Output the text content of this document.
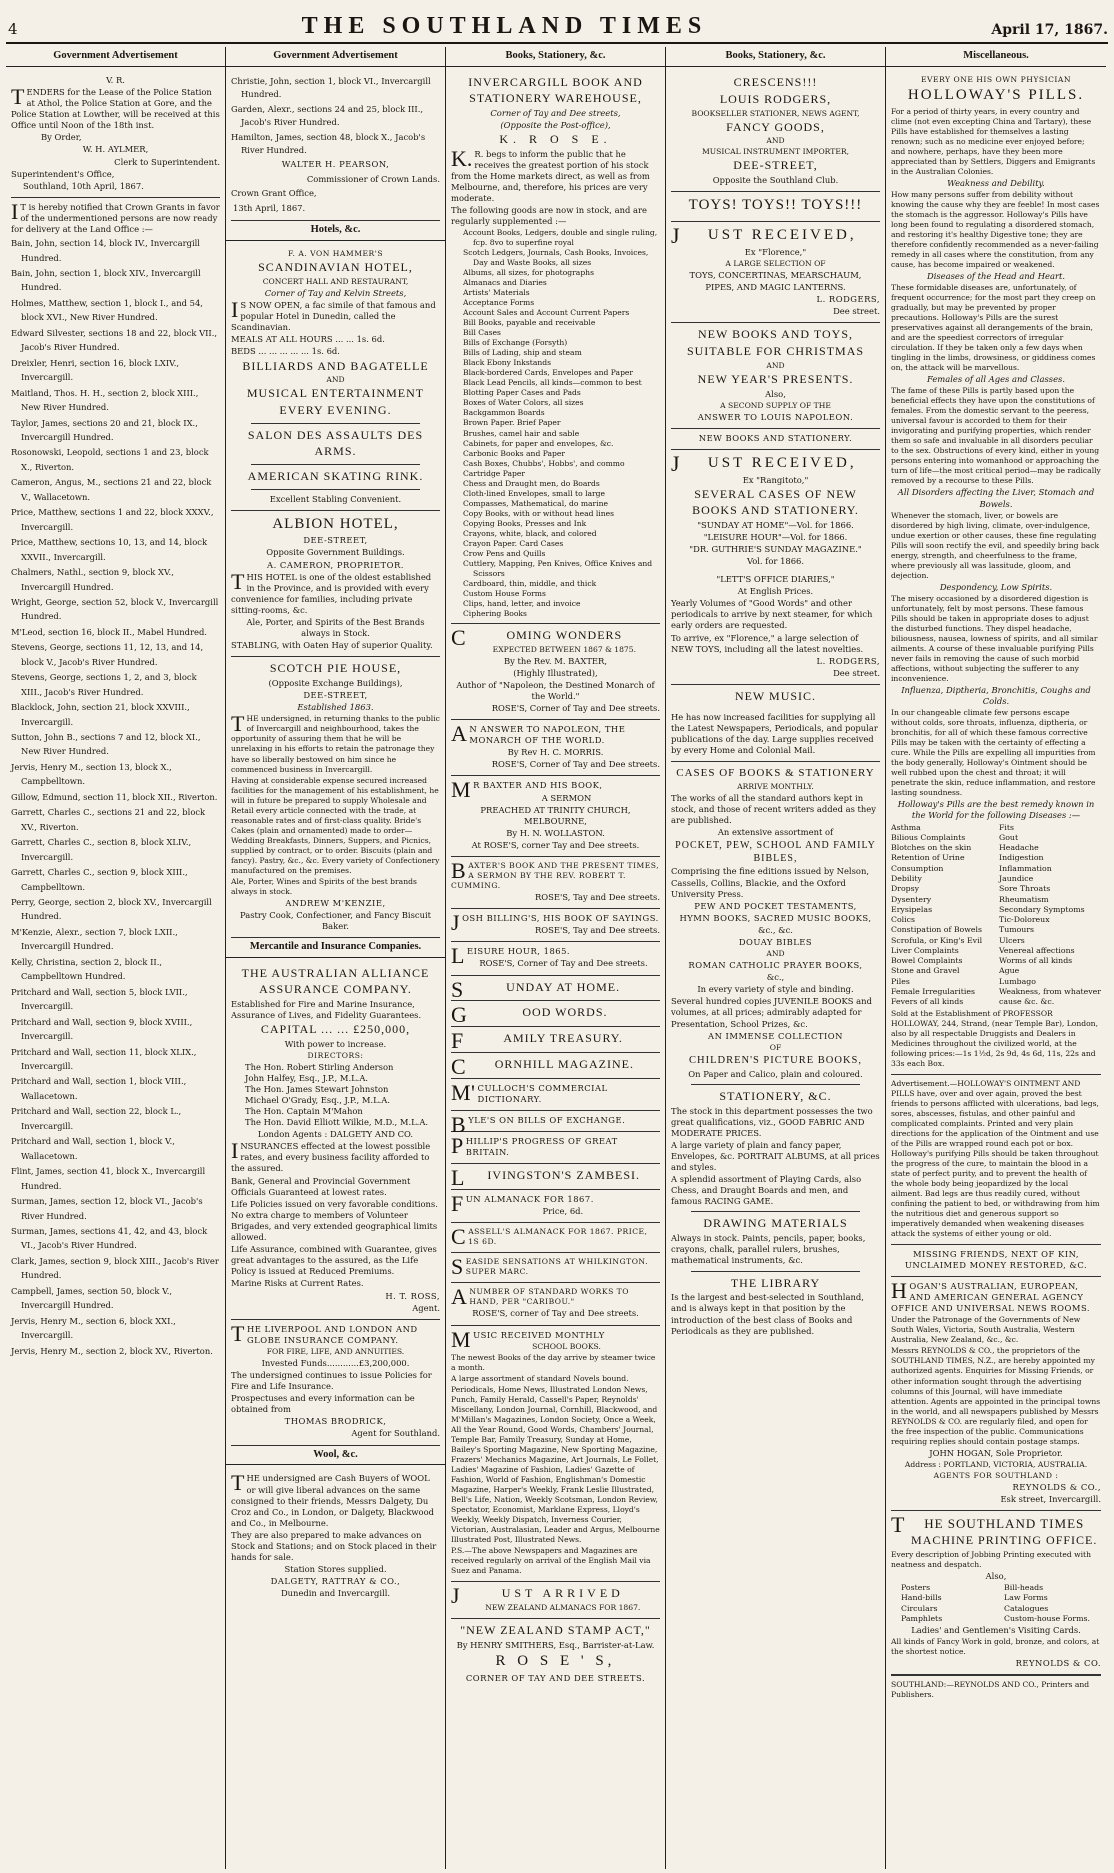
4	THE SOUTHLAND TIMES	April 17, 1867.
Government Advertisement

V. R.

TENDERS for the Lease of the Police Station at Athol, the Police Station at Gore, and the Police Station at Lowther, will be received at this Office until Noon of the 18th inst.

By Order,

W. H. AYLMER,

Clerk to Superintendent.

Superintendent's Office,

Southland, 10th April, 1867.

IT is hereby notified that Crown Grants in favor of the undermentioned persons are now ready for delivery at the Land Office :—

Bain, John, section 14, block IV., Invercargill Hundred.

Bain, John, section 1, block XIV., Invercargill Hundred.

Holmes, Matthew, section 1, block I., and 54, block XVI., New River Hundred.

Edward Silvester, sections 18 and 22, block VII., Jacob's River Hundred.

Dreixler, Henri, section 16, block LXIV., Invercargill.

Maitland, Thos. H. H., section 2, block XIII., New River Hundred.

Taylor, James, sections 20 and 21, block IX., Invercargill Hundred.

Rosonowski, Leopold, sections 1 and 23, block X., Riverton.

Cameron, Angus, M., sections 21 and 22, block V., Wallacetown.

Price, Matthew, sections 1 and 22, block XXXV., Invercargill.

Price, Matthew, sections 10, 13, and 14, block XXVII., Invercargill.

Chalmers, Nathl., section 9, block XV., Invercargill Hundred.

Wright, George, section 52, block V., Invercargill Hundred.

M'Leod, section 16, block II., Mabel Hundred.

Stevens, George, sections 11, 12, 13, and 14, block V., Jacob's River Hundred.

Stevens, George, sections 1, 2, and 3, block XIII., Jacob's River Hundred.

Blacklock, John, section 21, block XXVIII., Invercargill.

Sutton, John B., sections 7 and 12, block XI., New River Hundred.

Jervis, Henry M., section 13, block X., Campbelltown.

Gillow, Edmund, section 11, block XII., Riverton.

Garrett, Charles C., sections 21 and 22, block XV., Riverton.

Garrett, Charles C., section 8, block XLIV., Invercargill.

Garrett, Charles C., section 9, block XIII., Campbelltown.

Perry, George, section 2, block XV., Invercargill Hundred.

M'Kenzie, Alexr., section 7, block LXII., Invercargill Hundred.

Kelly, Christina, section 2, block II., Campbelltown Hundred.

Pritchard and Wall, section 5, block LVII., Invercargill.

Pritchard and Wall, section 9, block XVIII., Invercargill.

Pritchard and Wall, section 11, block XLIX., Invercargill.

Pritchard and Wall, section 1, block VIII., Wallacetown.

Pritchard and Wall, section 22, block L., Invercargill.

Pritchard and Wall, section 1, block V., Wallacetown.

Flint, James, section 41, block X., Invercargill Hundred.

Surman, James, section 12, block VI., Jacob's River Hundred.

Surman, James, sections 41, 42, and 43, block VI., Jacob's River Hundred.

Clark, James, section 9, block XIII., Jacob's River Hundred.

Campbell, James, section 50, block V., Invercargill Hundred.

Jervis, Henry M., section 6, block XXI., Invercargill.

Jervis, Henry M., section 2, block XV., Riverton.

Government Advertisement

Christie, John, section 1, block VI., Invercargill Hundred.

Garden, Alexr., sections 24 and 25, block III., Jacob's River Hundred.

Hamilton, James, section 48, block X., Jacob's River Hundred.

WALTER H. PEARSON,

Commissioner of Crown Lands.

Crown Grant Office,

13th April, 1867.

Hotels, &c.

F. A. VON HAMMER'S

SCANDINAVIAN HOTEL,

CONCERT HALL AND RESTAURANT,

Corner of Tay and Kelvin Streets,

IS NOW OPEN, a fac simile of that famous and popular Hotel in Dunedin, called the Scandinavian.

MEALS AT ALL HOURS ... ... 1s. 6d.

BEDS ... ... ... ... ... 1s. 6d.

BILLIARDS AND BAGATELLE

AND

MUSICAL ENTERTAINMENT

EVERY EVENING.

SALON DES ASSAULTS DES ARMS.

AMERICAN SKATING RINK.

Excellent Stabling Convenient.

ALBION HOTEL,

DEE-STREET,

Opposite Government Buildings.

A. CAMERON, PROPRIETOR.

THIS HOTEL is one of the oldest established in the Province, and is provided with every convenience for families, including private sitting-rooms, &c.

Ale, Porter, and Spirits of the Best Brands always in Stock.

STABLING, with Oaten Hay of superior Quality.

SCOTCH PIE HOUSE,

(Opposite Exchange Buildings),

DEE-STREET,

Established 1863.

THE undersigned, in returning thanks to the public of Invercargill and neighbourhood, takes the opportunity of assuring them that he will be unrelaxing in his efforts to retain the patronage they have so liberally bestowed on him since he commenced business in Invercargill.

Having at considerable expense secured increased facilities for the management of his establishment, he will in future be prepared to supply Wholesale and Retail every article connected with the trade, at reasonable rates and of first-class quality. Bride's Cakes (plain and ornamented) made to order—Wedding Breakfasts, Dinners, Suppers, and Picnics, supplied by contract, or to order. Biscuits (plain and fancy). Pastry, &c., &c. Every variety of Confectionery manufactured on the premises.

Ale, Porter, Wines and Spirits of the best brands always in stock.

ANDREW M'KENZIE,

Pastry Cook, Confectioner, and Fancy Biscuit Baker.

Mercantile and Insurance Companies.

THE AUSTRALIAN ALLIANCE ASSURANCE COMPANY.

Established for Fire and Marine Insurance, Assurance of Lives, and Fidelity Guarantees.

CAPITAL ... ... £250,000,

With power to increase.

DIRECTORS:

The Hon. Robert Stirling Anderson

John Halfey, Esq., J.P., M.L.A.

The Hon. James Stewart Johnston

Michael O'Grady, Esq., J.P., M.L.A.

The Hon. Captain M'Mahon

The Hon. David Elliott Wilkie, M.D., M.L.A.

London Agents : DALGETY AND CO.

INSURANCES effected at the lowest possible rates, and every business facility afforded to the assured.

Bank, General and Provincial Government Officials Guaranteed at lowest rates.

Life Policies issued on very favorable conditions. No extra charge to members of Volunteer Brigades, and very extended geographical limits allowed.

Life Assurance, combined with Guarantee, gives great advantages to the assured, as the Life Policy is issued at Reduced Premiums.

Marine Risks at Current Rates.

H. T. ROSS,

Agent.

THE LIVERPOOL AND LONDON AND GLOBE INSURANCE COMPANY.

FOR FIRE, LIFE, AND ANNUITIES.

Invested Funds............£3,200,000.

The undersigned continues to issue Policies for Fire and Life Insurance.

Prospectuses and every information can be obtained from

THOMAS BRODRICK,

Agent for Southland.

Wool, &c.

THE undersigned are Cash Buyers of WOOL or will give liberal advances on the same consigned to their friends, Messrs Dalgety, Du Croz and Co., in London, or Dalgety, Blackwood and Co., in Melbourne.

They are also prepared to make advances on Stock and Stations; and on Stock placed in their hands for sale.

Station Stores supplied.

DALGETY, RATTRAY & CO.,

Dunedin and Invercargill.

Books, Stationery, &c.

INVERCARGILL BOOK AND STATIONERY WAREHOUSE,

Corner of Tay and Dee streets,

(Opposite the Post-office),

K. R O S E.

K.R. begs to inform the public that he receives the greatest portion of his stock from the Home markets direct, as well as from Melbourne, and, therefore, his prices are very moderate.

The following goods are now in stock, and are regularly supplemented :—

Account Books, Ledgers, double and single ruling, fcp. 8vo to superfine royal

Scotch Ledgers, Journals, Cash Books, Invoices, Day and Waste Books, all sizes

Albums, all sizes, for photographs

Almanacs and Diaries

Artists' Materials

Acceptance Forms

Account Sales and Account Current Papers

Bill Books, payable and receivable

Bill Cases

Bills of Exchange (Forsyth)

Bills of Lading, ship and steam

Black Ebony Inkstands

Black-bordered Cards, Envelopes and Paper

Black Lead Pencils, all kinds—common to best

Blotting Paper Cases and Pads

Boxes of Water Colors, all sizes

Backgammon Boards

Brown Paper. Brief Paper

Brushes, camel hair and sable

Cabinets, for paper and envelopes, &c.

Carbonic Books and Paper

Cash Boxes, Chubbs', Hobbs', and commo

Cartridge Paper

Chess and Draught men, do Boards

Cloth-lined Envelopes, small to large

Compasses, Mathematical, do marine

Copy Books, with or without head lines

Copying Books, Presses and Ink

Crayons, white, black, and colored

Crayon Paper. Card Cases

Crow Pens and Quills

Cuttlery, Mapping, Pen Knives, Office Knives and Scissors

Cardboard, thin, middle, and thick

Custom House Forms

Clips, hand, letter, and invoice

Ciphering Books

COMING WONDERS

EXPECTED BETWEEN 1867 & 1875.

By the Rev. M. BAXTER,

(Highly Illustrated),

Author of "Napoleon, the Destined Monarch of the World."

ROSE'S, Corner of Tay and Dee streets.

AN ANSWER TO NAPOLEON, THE MONARCH OF THE WORLD.

By Rev H. C. MORRIS.

ROSE'S, Corner of Tay and Dee streets.

MR BAXTER AND HIS BOOK,

A SERMON

PREACHED AT TRINITY CHURCH, MELBOURNE,

By H. N. WOLLASTON.

At ROSE'S, corner Tay and Dee streets.

BAXTER'S BOOK AND THE PRESENT TIMES, A SERMON BY THE REV. ROBERT T. CUMMING.

ROSE'S, Tay and Dee streets.

JOSH BILLING'S, HIS BOOK OF SAYINGS.

ROSE'S, Tay and Dee streets.

LEISURE HOUR, 1865.

ROSE'S, Corner of Tay and Dee streets.

SUNDAY AT HOME.

GOOD WORDS.

FAMILY TREASURY.

CORNHILL MAGAZINE.

M'CULLOCH'S COMMERCIAL DICTIONARY.

BYLE'S ON BILLS OF EXCHANGE.

PHILLIP'S PROGRESS OF GREAT BRITAIN.

LIVINGSTON'S ZAMBESI.

FUN ALMANACK FOR 1867.

Price, 6d.

CASSELL'S ALMANACK FOR 1867. PRICE, 1S 6D.

SEASIDE SENSATIONS AT WHILKINGTON. SUPER MARC.

ANUMBER OF STANDARD WORKS TO HAND, PER "CARIBOU."

ROSE'S, corner of Tay and Dee streets.

MUSIC RECEIVED MONTHLY

SCHOOL BOOKS.

The newest Books of the day arrive by steamer twice a month.

A large assortment of standard Novels bound.

Periodicals, Home News, Illustrated London News, Punch, Family Herald, Cassell's Paper, Reynolds' Miscellany, London Journal, Cornhill, Blackwood, and M'Millan's Magazines, London Society, Once a Week, All the Year Round, Good Words, Chambers' Journal, Temple Bar, Family Treasury, Sunday at Home, Bailey's Sporting Magazine, New Sporting Magazine, Frazers' Mechanics Magazine, Art Journals, Le Follet, Ladies' Magazine of Fashion, Ladies' Gazette of Fashion, World of Fashion, Englishman's Domestic Magazine, Harper's Weekly, Frank Leslie Illustrated, Bell's Life, Nation, Weekly Scotsman, London Review, Spectator, Economist, Marklane Express, Lloyd's Weekly, Weekly Dispatch, Inverness Courier, Victorian, Australasian, Leader and Argus, Melbourne Illustrated Post, Illustrated News.

P.S.—The above Newspapers and Magazines are received regularly on arrival of the English Mail via Suez and Panama.

JUST ARRIVED

NEW ZEALAND ALMANACS FOR 1867.

"NEW ZEALAND STAMP ACT,"

By HENRY SMITHERS, Esq., Barrister-at-Law.

R O S E ' S,

CORNER OF TAY AND DEE STREETS.

Books, Stationery, &c.

CRESCENS!!!

LOUIS RODGERS,

BOOKSELLER STATIONER, NEWS AGENT,

FANCY GOODS,

AND

MUSICAL INSTRUMENT IMPORTER,

DEE-STREET,

Opposite the Southland Club.

TOYS! TOYS!! TOYS!!!

JUST RECEIVED,

Ex "Florence,"

A LARGE SELECTION OF

TOYS, CONCERTINAS, MEARSCHAUM,

PIPES, AND MAGIC LANTERNS.

L. RODGERS,

Dee street.

NEW BOOKS AND TOYS,

SUITABLE FOR CHRISTMAS

AND

NEW YEAR'S PRESENTS.

Also,

A SECOND SUPPLY OF THE

ANSWER TO LOUIS NAPOLEON.

NEW BOOKS AND STATIONERY.

JUST RECEIVED,

Ex "Rangitoto,"

SEVERAL CASES OF NEW BOOKS AND STATIONERY.

"SUNDAY AT HOME"—Vol. for 1866.

"LEISURE HOUR"—Vol. for 1866.

"DR. GUTHRIE'S SUNDAY MAGAZINE."

Vol. for 1866.

"LETT'S OFFICE DIARIES,"

At English Prices.

Yearly Volumes of "Good Words" and other periodicals to arrive by next steamer, for which early orders are requested.

To arrive, ex "Florence," a large selection of NEW TOYS, including all the latest novelties.

L. RODGERS,

Dee street.

NEW MUSIC.

He has now increased facilities for supplying all the Latest Newspapers, Periodicals, and popular publications of the day. Large supplies received by every Home and Colonial Mail.

CASES OF BOOKS & STATIONERY

ARRIVE MONTHLY.

The works of all the standard authors kept in stock, and those of recent writers added as they are published.

An extensive assortment of

POCKET, PEW, SCHOOL AND FAMILY BIBLES,

Comprising the fine editions issued by Nelson, Cassells, Collins, Blackie, and the Oxford University Press.

PEW AND POCKET TESTAMENTS,

HYMN BOOKS, SACRED MUSIC BOOKS,

&c., &c.

DOUAY BIBLES

AND

ROMAN CATHOLIC PRAYER BOOKS,

&c.,

In every variety of style and binding.

Several hundred copies JUVENILE BOOKS and volumes, at all prices; admirably adapted for Presentation, School Prizes, &c.

AN IMMENSE COLLECTION

OF

CHILDREN'S PICTURE BOOKS,

On Paper and Calico, plain and coloured.

STATIONERY, &C.

The stock in this department possesses the two great qualifications, viz., GOOD FABRIC AND MODERATE PRICES.

A large variety of plain and fancy paper, Envelopes, &c. PORTRAIT ALBUMS, at all prices and styles.

A splendid assortment of Playing Cards, also Chess, and Draught Boards and men, and famous RACING GAME.

DRAWING MATERIALS

Always in stock. Paints, pencils, paper, books, crayons, chalk, parallel rulers, brushes, mathematical instruments, &c.

THE LIBRARY

Is the largest and best-selected in Southland, and is always kept in that position by the introduction of the best class of Books and Periodicals as they are published.

Miscellaneous.

EVERY ONE HIS OWN PHYSICIAN

HOLLOWAY'S PILLS.

For a period of thirty years, in every country and clime (not even excepting China and Tartary), these Pills have established for themselves a lasting renown; such as no medicine ever enjoyed before; and nowhere, perhaps, have they been more appreciated than by Settlers, Diggers and Emigrants in the Australian Colonies.

Weakness and Debility.

How many persons suffer from debility without knowing the cause why they are feeble! In most cases the stomach is the aggressor. Holloway's Pills have long been found to regulating a disordered stomach, and restoring it's healthy Digestive tone; they are therefore confidently recommended as a never-failing remedy in all cases where the constitution, from any cause, has become impaired or weakened.

Diseases of the Head and Heart.

These formidable diseases are, unfortunately, of frequent occurrence; for the most part they creep on gradually, but may be prevented by proper precautions. Holloway's Pills are the surest preservatives against all derangements of the brain, and are the speediest correctors of irregular circulation. If they be taken only a few days when tingling in the limbs, drowsiness, or giddiness comes on, the attack will be marvellous.

Females of all Ages and Classes.

The fame of these Pills is partly based upon the beneficial effects they have upon the constitutions of females. From the domestic servant to the peeress, universal favour is accorded to them for their invigorating and purifying properties, which render them so safe and invaluable in all disorders peculiar to the sex. Obstructions of every kind, either in young persons entering into womanhood or approaching the turn of life—the most critical period—may be radically removed by a recourse to these Pills.

All Disorders affecting the Liver, Stomach and Bowels.

Whenever the stomach, liver, or bowels are disordered by high living, climate, over-indulgence, undue exertion or other causes, these fine regulating Pills will soon rectify the evil, and speedily bring back energy, strength, and cheerfulness to the frame, where previously all was lassitude, gloom, and dejection.

Despondency, Low Spirits.

The misery occasioned by a disordered digestion is unfortunately, felt by most persons. These famous Pills should be taken in appropriate doses to adjust the disturbed functions. They dispel headache, biliousness, nausea, lowness of spirits, and all similar ailments. A course of these invaluable purifying Pills never fails in removing the cause of such morbid affections, without subjecting the sufferer to any inconvenience.

Influenza, Diptheria, Bronchitis, Coughs and Colds.

In our changeable climate few persons escape without colds, sore throats, influenza, diptheria, or bronchitis, for all of which these famous corrective Pills may be taken with the certainty of effecting a cure. While the Pills are expelling all impurities from the body generally, Holloway's Ointment should be well rubbed upon the chest and throat; it will penetrate the skin, reduce inflammation, and restore lasting soundness.

Holloway's Pills are the best remedy known in the World for the following Diseases :—

Asthma

Bilious Complaints

Blotches on the skin

Retention of Urine

Consumption

Debility

Dropsy

Dysentery

Erysipelas

Colics

Constipation of Bowels

Scrofula, or King's Evil

Liver Complaints

Bowel Complaints

Stone and Gravel

Piles

Female Irregularities

Fevers of all kinds

Fits

Gout

Headache

Indigestion

Inflammation

Jaundice

Sore Throats

Rheumatism

Secondary Symptoms

Tic-Doloreux

Tumours

Ulcers

Venereal affections

Worms of all kinds

Ague

Lumbago

Weakness, from whatever cause &c. &c.

Sold at the Establishment of PROFESSOR HOLLOWAY, 244, Strand, (near Temple Bar), London, also by all respectable Druggists and Dealers in Medicines throughout the civilized world, at the following prices:—1s 1½d, 2s 9d, 4s 6d, 11s, 22s and 33s each Box.

Advertisement.—HOLLOWAY'S OINTMENT AND PILLS have, over and over again, proved the best friends to persons afflicted with ulcerations, bad legs, sores, abscesses, fistulas, and other painful and complicated complaints. Printed and very plain directions for the application of the Ointment and use of the Pills are wrapped round each pot or box. Holloway's purifying Pills should be taken throughout the progress of the cure, to maintain the blood in a state of perfect purity, and to prevent the health of the whole body being jeopardized by the local ailment. Bad legs are thus readily cured, without confining the patient to bed, or withdrawing from him the nutritious diet and generous support so imperatively demanded when weakening diseases attack the systems of either young or old.

MISSING FRIENDS, NEXT OF KIN, UNCLAIMED MONEY RESTORED, &C.

HOGAN'S AUSTRALIAN, EUROPEAN, AND AMERICAN GENERAL AGENCY OFFICE AND UNIVERSAL NEWS ROOMS.

Under the Patronage of the Governments of New South Wales, Victoria, South Australia, Western Australia, New Zealand, &c., &c.

Messrs REYNOLDS & CO., the proprietors of the SOUTHLAND TIMES, N.Z., are hereby appointed my authorized agents. Enquiries for Missing Friends, or other information sought through the advertising columns of this Journal, will have immediate attention. Agents are appointed in the principal towns in the world, and all newspapers published by Messrs REYNOLDS & CO. are regularly filed, and open for the free inspection of the public. Communications requiring replies should contain postage stamps.

JOHN HOGAN, Sole Proprietor.

Address : PORTLAND, VICTORIA, AUSTRALIA.

AGENTS FOR SOUTHLAND :

REYNOLDS & CO.,

Esk street, Invercargill.

THE SOUTHLAND TIMES

MACHINE PRINTING OFFICE.

Every description of Jobbing Printing executed with neatness and despatch.

Also,

Posters

Hand-bills

Circulars

Pamphlets

Bill-heads

Law Forms

Catalogues

Custom-house Forms.

Ladies' and Gentlemen's Visiting Cards.

All kinds of Fancy Work in gold, bronze, and colors, at the shortest notice.

REYNOLDS & CO.

SOUTHLAND:—REYNOLDS AND CO., Printers and Publishers.
